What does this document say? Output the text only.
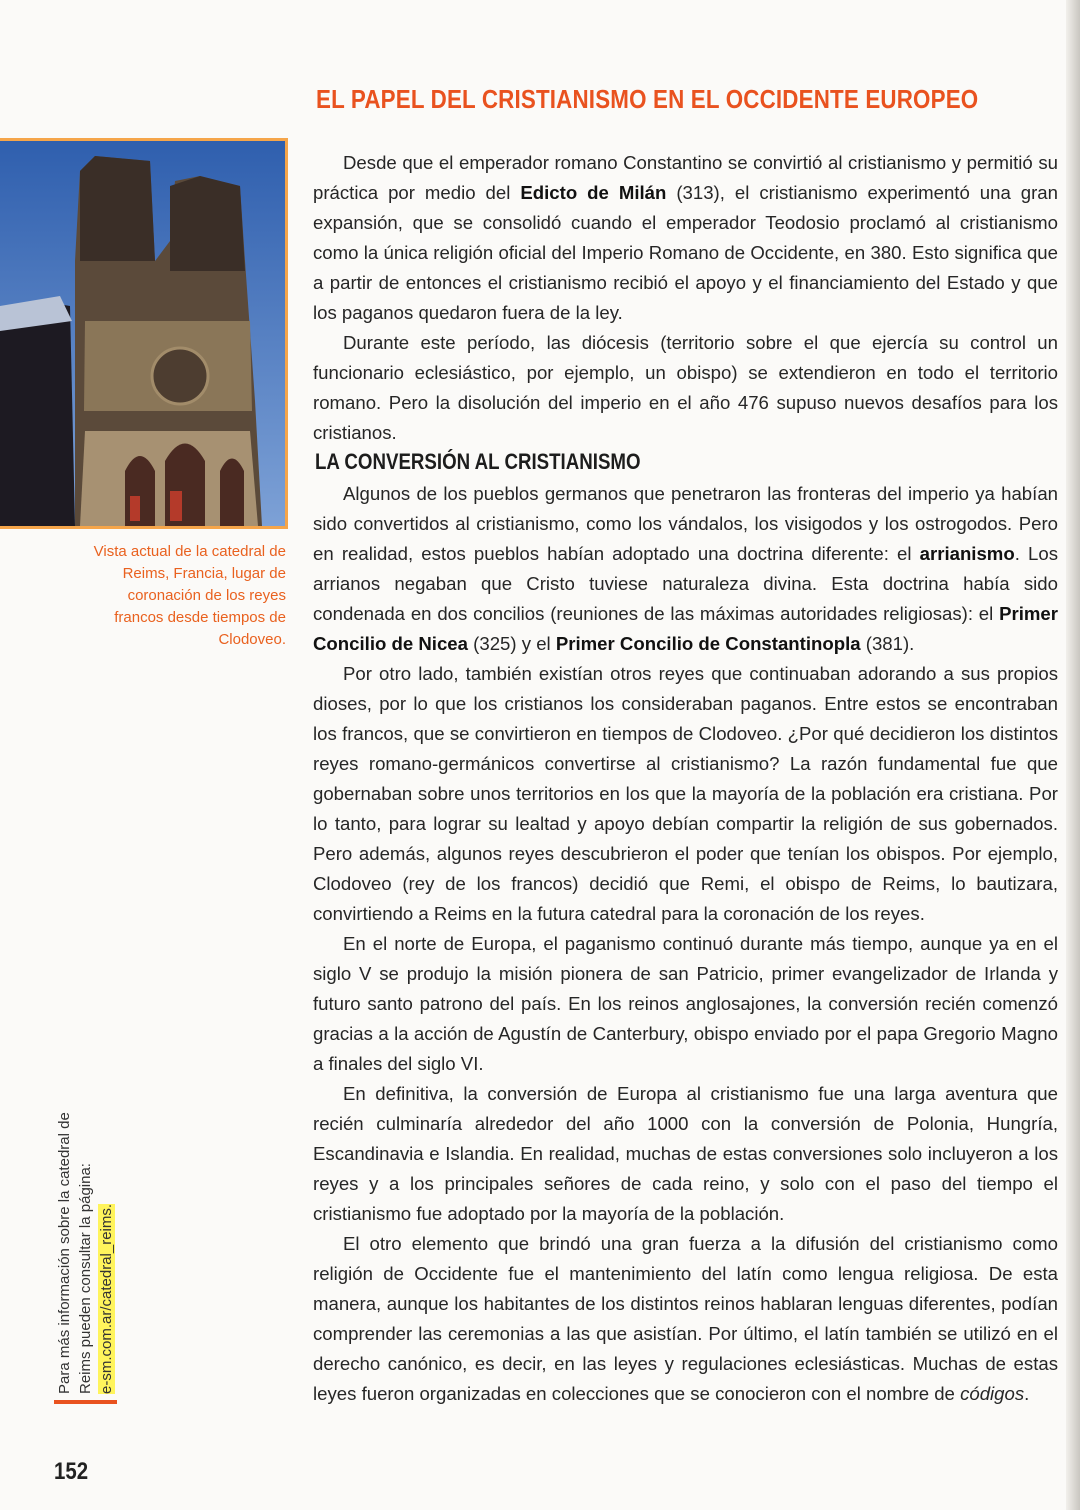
EL PAPEL DEL CRISTIANISMO EN EL OCCIDENTE EUROPEO
Vista actual de la catedral de Reims, Francia, lugar de coronación de los reyes francos desde tiempos de Clodoveo.

Desde que el emperador romano Constantino se convirtió al cristianismo y permitió su práctica por medio del Edicto de Milán (313), el cristianismo experimentó una gran expansión, que se consolidó cuando el emperador Teodosio proclamó al cristianismo como la única religión oficial del Imperio Romano de Occidente, en 380. Esto significa que a partir de entonces el cristianismo recibió el apoyo y el financiamiento del Estado y que los paganos quedaron fuera de la ley.

Durante este período, las diócesis (territorio sobre el que ejercía su control un funcionario eclesiástico, por ejemplo, un obispo) se extendieron en todo el territorio romano. Pero la disolución del imperio en el año 476 supuso nuevos desafíos para los cristianos.

LA CONVERSIÓN AL CRISTIANISMO

Algunos de los pueblos germanos que penetraron las fronteras del imperio ya habían sido convertidos al cristianismo, como los vándalos, los visigodos y los ostrogodos. Pero en realidad, estos pueblos habían adoptado una doctrina diferente: el arrianismo. Los arrianos negaban que Cristo tuviese naturaleza divina. Esta doctrina había sido condenada en dos concilios (reuniones de las máximas autoridades religiosas): el Primer Concilio de Nicea (325) y el Primer Concilio de Constantinopla (381).

Por otro lado, también existían otros reyes que continuaban adorando a sus propios dioses, por lo que los cristianos los consideraban paganos. Entre estos se encontraban los francos, que se convirtieron en tiempos de Clodoveo. ¿Por qué decidieron los distintos reyes romano-germánicos convertirse al cristianismo? La razón fundamental fue que gobernaban sobre unos territorios en los que la mayoría de la población era cristiana. Por lo tanto, para lograr su lealtad y apoyo debían compartir la religión de sus gobernados. Pero además, algunos reyes descubrieron el poder que tenían los obispos. Por ejemplo, Clodoveo (rey de los francos) decidió que Remi, el obispo de Reims, lo bautizara, convirtiendo a Reims en la futura catedral para la coronación de los reyes.

En el norte de Europa, el paganismo continuó durante más tiempo, aunque ya en el siglo V se produjo la misión pionera de san Patricio, primer evangelizador de Irlanda y futuro santo patrono del país. En los reinos anglosajones, la conversión recién comenzó gracias a la acción de Agustín de Canterbury, obispo enviado por el papa Gregorio Magno a finales del siglo VI.

En definitiva, la conversión de Europa al cristianismo fue una larga aventura que recién culminaría alrededor del año 1000 con la conversión de Polonia, Hungría, Escandinavia e Islandia. En realidad, muchas de estas conversiones solo incluyeron a los reyes y a los principales señores de cada reino, y solo con el paso del tiempo el cristianismo fue adoptado por la mayoría de la población.

El otro elemento que brindó una gran fuerza a la difusión del cristianismo como religión de Occidente fue el mantenimiento del latín como lengua religiosa. De esta manera, aunque los habitantes de los distintos reinos hablaran lenguas diferentes, podían comprender las ceremonias a las que asistían. Por último, el latín también se utilizó en el derecho canónico, es decir, en las leyes y regulaciones eclesiásticas. Muchas de estas leyes fueron organizadas en colecciones que se conocieron con el nombre de códigos.

Para más información sobre la catedral de Reims pueden consultar la página: e-sm.com.ar/catedral_reims.
152
